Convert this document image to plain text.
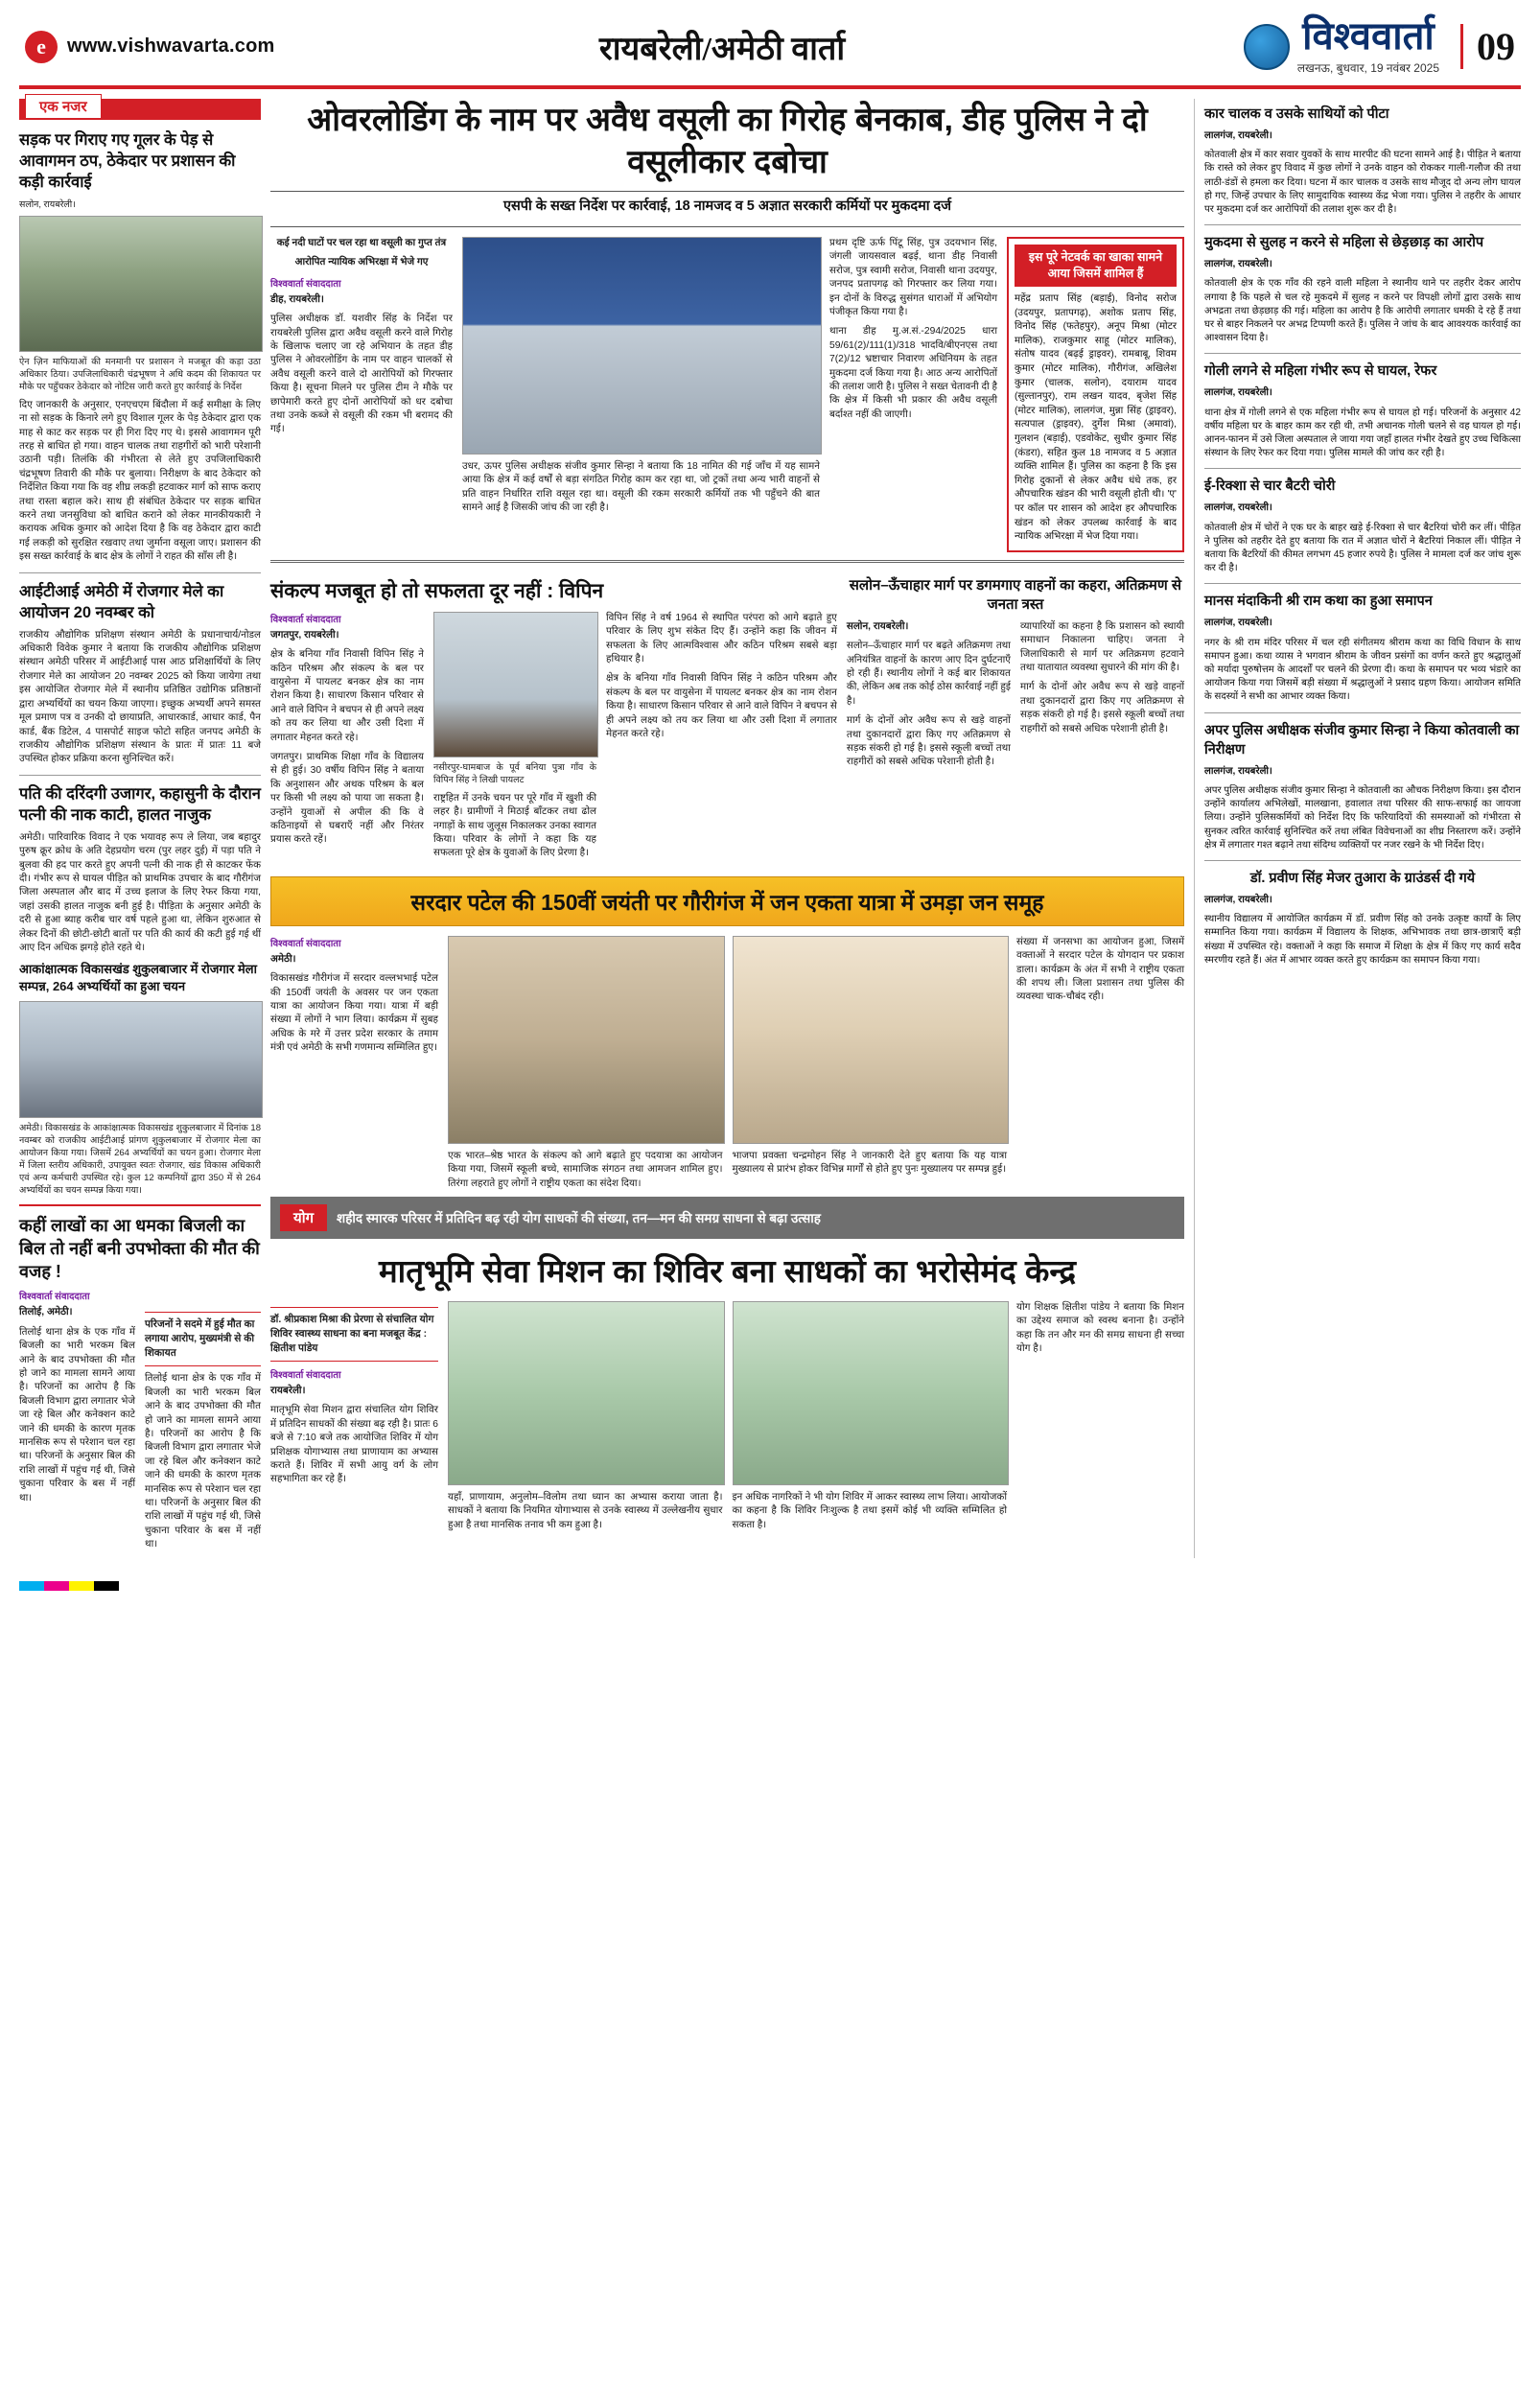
e	www.vishwavarta.com	रायबरेली/अमेठी वार्ता	विश्ववार्ता
लखनऊ, बुधवार, 19 नवंबर 2025 09
एक नजर
सड़क पर गिराए गए गूलर के पेड़ से आवागमन ठप, ठेकेदार पर प्रशासन की कड़ी कार्रवाई
सलोन, रायबरेली।
ऐन ज़िन माफियाओं की मनमानी पर प्रशासन ने मजबूत की कड़ा उठा अधिकार ठिया। उपजिलाधिकारी चंद्रभूषण ने अधि कदम की शिकायत पर मौके पर पहुँचकर ठेकेदार को नोटिस जारी करते हुए कार्रवाई के निर्देश

दिए जानकारी के अनुसार, एनएचएम बिंदौला में कई समीक्षा के लिए ना सो सड़क के किनारे लगे हुए विशाल गूलर के पेड़ ठेकेदार द्वारा एक माह से काट कर सड़क पर ही गिरा दिए गए थे। इससे आवागमन पूरी तरह से बाधित हो गया। वाहन चालक तथा राहगीरों को भारी परेशानी उठानी पड़ी। तिलंकि की गंभीरता से लेते हुए उपजिलाधिकारी चंद्रभूषण तिवारी की मौके पर बुलाया। निरीक्षण के बाद ठेकेदार को निर्देशित किया गया कि वह शीघ्र लकड़ी हटवाकर मार्ग को साफ कराए तथा रास्ता बहाल करे। साथ ही संबंधित ठेकेदार पर सड़क बाधित करने तथा जनसुविधा को बाधित कराने को लेकर मानकीयकारी ने करायक अधिक कुमार को आदेश दिया है कि वह ठेकेदार द्वारा काटी गई लकड़ी को सुरक्षित रखवाए तथा जुर्माना वसूला जाए। प्रशासन की इस सख्त कार्रवाई के बाद क्षेत्र के लोगों ने राहत की साँस ली है।

आईटीआई अमेठी में रोजगार मेले का आयोजन 20 नवम्बर को

राजकीय औद्योगिक प्रशिक्षण संस्थान अमेठी के प्रधानाचार्य/नोडल अधिकारी विवेक कुमार ने बताया कि राजकीय औद्योगिक प्रशिक्षण संस्थान अमेठी परिसर में आईटीआई पास आठ प्रशिक्षार्थियों के लिए रोजगार मेले का आयोजन 20 नवम्बर 2025 को किया जायेगा तथा इस आयोजित रोजगार मेले में स्थानीय प्रतिष्ठित उद्योगिक प्रतिष्ठानों द्वारा अभ्यर्थियों का चयन किया जाएगा। इच्छुक अभ्यर्थी अपने समस्त मूल प्रमाण पत्र व उनकी दो छायाप्रति, आधारकार्ड, आधार कार्ड, पैन कार्ड, बैंक डिटेल, 4 पासपोर्ट साइज फोटो सहित जनपद अमेठी के राजकीय औद्योगिक प्रशिक्षण संस्थान के प्रातः में प्रातः 11 बजे उपस्थित होकर प्रक्रिया करना सुनिश्चित करें।

पति की दरिंदगी उजागर, कहासुनी के दौरान पत्नी की नाक काटी, हालत नाजुक

अमेठी। पारिवारिक विवाद ने एक भयावह रूप ले लिया, जब बहादुर पुरुष क्रूर क्रोध के अति देहप्रयोग चरम (पुर लहर दुई) में पड़ा पति ने बुलवा की हद पार करते हुए अपनी पत्नी की नाक ही से काटकर फेंक दी। गंभीर रूप से घायल पीड़ित को प्राथमिक उपचार के बाद गौरीगंज जिला अस्पताल और बाद में उच्च इलाज के लिए रेफर किया गया, जहां उसकी हालत नाजुक बनी हुई है। पीड़िता के अनुसार अमेठी के दरी से हुआ ब्याह करीब चार वर्ष पहले हुआ था, लेकिन शुरुआत से लेकर दिनों की छोटी-छोटी बातों पर पति की कार्य की कटी हुई गई थीं आए दिन अधिक झगड़े होते रहते थे।

आकांक्षात्मक विकासखंड शुकुलबाजार में रोजगार मेला सम्पन्न, 264 अभ्यर्थियों का हुआ चयन
अमेठी। विकासखंड के आकांक्षात्मक विकासखंड शुकुलबाजार में दिनांक 18 नवम्बर को राजकीय आईटीआई प्रांगण शुकुलबाजार में रोजगार मेला का आयोजन किया गया। जिसमें 264 अभ्यर्थियों का चयन हुआ। रोजगार मेला में जिला स्तरीय अधिकारी, उपायुक्त स्वतः रोजगार, खंड विकास अधिकारी एवं अन्य कर्मचारी उपस्थित रहे। कुल 12 कम्पनियों द्वारा 350 में से 264 अभ्यर्थियों का चयन सम्पन्न किया गया।
कहीं लाखों का आ धमका बिजली का बिल तो नहीं बनी उपभोक्ता की मौत की वजह !
विश्ववार्ता संवाददाता

तिलोई, अमेठी।

तिलोई थाना क्षेत्र के एक गाँव में बिजली का भारी भरकम बिल आने के बाद उपभोक्ता की मौत हो जाने का मामला सामने आया है। परिजनों का आरोप है कि बिजली विभाग द्वारा लगातार भेजे जा रहे बिल और कनेक्शन काटे जाने की धमकी के कारण मृतक मानसिक रूप से परेशान चल रहा था। परिजनों के अनुसार बिल की राशि लाखों में पहुंच गई थी, जिसे चुकाना परिवार के बस में नहीं था।

परिजनों ने सदमे में हुई मौत का लगाया आरोप, मुख्यमंत्री से की शिकायत

तिलोई थाना क्षेत्र के एक गाँव में बिजली का भारी भरकम बिल आने के बाद उपभोक्ता की मौत हो जाने का मामला सामने आया है। परिजनों का आरोप है कि बिजली विभाग द्वारा लगातार भेजे जा रहे बिल और कनेक्शन काटे जाने की धमकी के कारण मृतक मानसिक रूप से परेशान चल रहा था। परिजनों के अनुसार बिल की राशि लाखों में पहुंच गई थी, जिसे चुकाना परिवार के बस में नहीं था।

ओवरलोडिंग के नाम पर अवैध वसूली का गिरोह बेनकाब, डीह पुलिस ने दो वसूलीकार दबोचा
एसपी के सख्त निर्देश पर कार्रवाई, 18 नामजद व 5 अज्ञात सरकारी कर्मियों पर मुकदमा दर्ज

कई नदी घाटों पर चल रहा था वसूली का गुप्त तंत्र

आरोपित न्यायिक अभिरक्षा में भेजे गए

विश्ववार्ता संवाददाता

डीह, रायबरेली।

पुलिस अधीक्षक डॉ. यशवीर सिंह के निर्देश पर रायबरेली पुलिस द्वारा अवैध वसूली करने वाले गिरोह के खिलाफ चलाए जा रहे अभियान के तहत डीह पुलिस ने ओवरलोडिंग के नाम पर वाहन चालकों से अवैध वसूली करने वाले दो आरोपियों को गिरफ्तार किया है। सूचना मिलने पर पुलिस टीम ने मौके पर छापेमारी करते हुए दोनों आरोपियों को धर दबोचा तथा उनके कब्जे से वसूली की रकम भी बरामद की गई।

उधर, ऊपर पुलिस अधीक्षक संजीव कुमार सिन्हा ने बताया कि 18 नामित की गई जाँच में यह सामने आया कि क्षेत्र में कई वर्षों से बड़ा संगठित गिरोह काम कर रहा था, जो ट्रकों तथा अन्य भारी वाहनों से प्रति वाहन निर्धारित राशि वसूल रहा था। वसूली की रकम सरकारी कर्मियों तक भी पहुँचने की बात सामने आई है जिसकी जांच की जा रही है।

प्रथम दृष्टि ऊर्फ पिंटू सिंह, पुत्र उदयभान सिंह, जंगली जायसवाल बढ़ई, थाना डीह निवासी सरोज, पुत्र स्वामी सरोज, निवासी थाना उदयपुर, जनपद प्रतापगढ़ को गिरफ्तार कर लिया गया। इन दोनों के विरुद्ध सुसंगत धाराओं में अभियोग पंजीकृत किया गया है।

थाना डीह मु.अ.सं.-294/2025 धारा 59/61(2)/111(1)/318 भादवि/बीएनएस तथा 7(2)/12 भ्रष्टाचार निवारण अधिनियम के तहत मुकदमा दर्ज किया गया है। आठ अन्य आरोपितों की तलाश जारी है। पुलिस ने सख्त चेतावनी दी है कि क्षेत्र में किसी भी प्रकार की अवैध वसूली बर्दाश्त नहीं की जाएगी।

इस पूरे नेटवर्क का खाका सामने आया जिसमें शामिल हैं
महेंद्र प्रताप सिंह (बड़ाई), विनोद सरोज (उदयपुर, प्रतापगढ़), अशोक प्रताप सिंह, विनोद सिंह (फतेहपुर), अनूप मिश्रा (मोटर मालिक), राजकुमार साहू (मोटर मालिक), संतोष यादव (बढ़ई ड्राइवर), रामबाबू, शिवम कुमार (मोटर मालिक), गौरीगंज, अखिलेश कुमार (चालक, सलोन), दयाराम यादव (सुल्तानपुर), राम लखन यादव, बृजेश सिंह (मोटर मालिक), लालगंज, मुन्ना सिंह (ड्राइवर), सत्यपाल (ड्राइवर), दुर्गेश मिश्रा (अमावां), गुलशन (बड़ाई), एडवोकेट, सुधीर कुमार सिंह (कंडरा), सहित कुल 18 नामजद व 5 अज्ञात व्यक्ति शामिल हैं। पुलिस का कहना है कि इस गिरोह दुकानों से लेकर अवैध धंधे तक, हर औपचारिक खंडन की भारी वसूली होती थी। 'ए' पर कॉल पर शासन को आदेश हर औपचारिक खंडन को लेकर उपलब्ध कार्रवाई के बाद न्यायिक अभिरक्षा में भेज दिया गया।
संकल्प मजबूत हो तो सफलता दूर नहीं : विपिन
विश्ववार्ता संवाददाता

जगतपुर, रायबरेली।

क्षेत्र के बनिया गाँव निवासी विपिन सिंह ने कठिन परिश्रम और संकल्प के बल पर वायुसेना में पायलट बनकर क्षेत्र का नाम रोशन किया है। साधारण किसान परिवार से आने वाले विपिन ने बचपन से ही अपने लक्ष्य को तय कर लिया था और उसी दिशा में लगातार मेहनत करते रहे।

जगतपुर। प्राथमिक शिक्षा गाँव के विद्यालय से ही हुई। 30 वर्षीय विपिन सिंह ने बताया कि अनुशासन और अथक परिश्रम के बल पर किसी भी लक्ष्य को पाया जा सकता है। उन्होंने युवाओं से अपील की कि वे कठिनाइयों से घबराएँ नहीं और निरंतर प्रयास करते रहें।

नसीरपुर-घामबाज के पूर्व बनिया पुत्रा गाँव के विपिन सिंह ने लिखी पायलट

राष्ट्रहित में उनके चयन पर पूरे गाँव में खुशी की लहर है। ग्रामीणों ने मिठाई बाँटकर तथा ढोल नगाड़ों के साथ जुलूस निकालकर उनका स्वागत किया। परिवार के लोगों ने कहा कि यह सफलता पूरे क्षेत्र के युवाओं के लिए प्रेरणा है।

विपिन सिंह ने वर्ष 1964 से स्थापित परंपरा को आगे बढ़ाते हुए परिवार के लिए शुभ संकेत दिए हैं। उन्होंने कहा कि जीवन में सफलता के लिए आत्मविश्वास और कठिन परिश्रम सबसे बड़ा हथियार है।

क्षेत्र के बनिया गाँव निवासी विपिन सिंह ने कठिन परिश्रम और संकल्प के बल पर वायुसेना में पायलट बनकर क्षेत्र का नाम रोशन किया है। साधारण किसान परिवार से आने वाले विपिन ने बचपन से ही अपने लक्ष्य को तय कर लिया था और उसी दिशा में लगातार मेहनत करते रहे।

सलोन–ऊँचाहार मार्ग पर डगमगाए वाहनों का कहरा, अतिक्रमण से जनता त्रस्त

सलोन, रायबरेली।

सलोन–ऊँचाहार मार्ग पर बढ़ते अतिक्रमण तथा अनियंत्रित वाहनों के कारण आए दिन दुर्घटनाएँ हो रही हैं। स्थानीय लोगों ने कई बार शिकायत की, लेकिन अब तक कोई ठोस कार्रवाई नहीं हुई है।

मार्ग के दोनों ओर अवैध रूप से खड़े वाहनों तथा दुकानदारों द्वारा किए गए अतिक्रमण से सड़क संकरी हो गई है। इससे स्कूली बच्चों तथा राहगीरों को सबसे अधिक परेशानी होती है।

व्यापारियों का कहना है कि प्रशासन को स्थायी समाधान निकालना चाहिए। जनता ने जिलाधिकारी से मार्ग पर अतिक्रमण हटवाने तथा यातायात व्यवस्था सुधारने की मांग की है।

मार्ग के दोनों ओर अवैध रूप से खड़े वाहनों तथा दुकानदारों द्वारा किए गए अतिक्रमण से सड़क संकरी हो गई है। इससे स्कूली बच्चों तथा राहगीरों को सबसे अधिक परेशानी होती है।

सरदार पटेल की 150वीं जयंती पर गौरीगंज में जन एकता यात्रा में उमड़ा जन समूह
विश्ववार्ता संवाददाता

अमेठी।

विकासखंड गौरीगंज में सरदार वल्लभभाई पटेल की 150वीं जयंती के अवसर पर जन एकता यात्रा का आयोजन किया गया। यात्रा में बड़ी संख्या में लोगों ने भाग लिया। कार्यक्रम में सुबह अधिक के मरे में उत्तर प्रदेश सरकार के तमाम मंत्री एवं अमेठी के सभी गणमान्य सम्मिलित हुए।

एक भारत–श्रेष्ठ भारत के संकल्प को आगे बढ़ाते हुए पदयात्रा का आयोजन किया गया, जिसमें स्कूली बच्चे, सामाजिक संगठन तथा आमजन शामिल हुए। तिरंगा लहराते हुए लोगों ने राष्ट्रीय एकता का संदेश दिया।

भाजपा प्रवक्ता चन्द्रमोहन सिंह ने जानकारी देते हुए बताया कि यह यात्रा मुख्यालय से प्रारंभ होकर विभिन्न मार्गों से होते हुए पुनः मुख्यालय पर सम्पन्न हुई।

संख्या में जनसभा का आयोजन हुआ, जिसमें वक्ताओं ने सरदार पटेल के योगदान पर प्रकाश डाला। कार्यक्रम के अंत में सभी ने राष्ट्रीय एकता की शपथ ली। जिला प्रशासन तथा पुलिस की व्यवस्था चाक-चौबंद रही।

योग	शहीद स्मारक परिसर में प्रतिदिन बढ़ रही योग साधकों की संख्या, तन—मन की समग्र साधना से बढ़ा उत्साह
मातृभूमि सेवा मिशन का शिविर बना साधकों का भरोसेमंद केन्द्र
डॉ. श्रीप्रकाश मिश्रा की प्रेरणा से संचालित योग शिविर स्वास्थ्य साधना का बना मजबूत केंद्र : क्षितीश पांडेय
विश्ववार्ता संवाददाता

रायबरेली।

मातृभूमि सेवा मिशन द्वारा संचालित योग शिविर में प्रतिदिन साधकों की संख्या बढ़ रही है। प्रातः 6 बजे से 7:10 बजे तक आयोजित शिविर में योग प्रशिक्षक योगाभ्यास तथा प्राणायाम का अभ्यास कराते हैं। शिविर में सभी आयु वर्ग के लोग सहभागिता कर रहे हैं।

यहाँ, प्राणायाम, अनुलोम–विलोम तथा ध्यान का अभ्यास कराया जाता है। साधकों ने बताया कि नियमित योगाभ्यास से उनके स्वास्थ्य में उल्लेखनीय सुधार हुआ है तथा मानसिक तनाव भी कम हुआ है।

इन अधिक नागरिकों ने भी योग शिविर में आकर स्वास्थ्य लाभ लिया। आयोजकों का कहना है कि शिविर निःशुल्क है तथा इसमें कोई भी व्यक्ति सम्मिलित हो सकता है।

योग शिक्षक क्षितीश पांडेय ने बताया कि मिशन का उद्देश्य समाज को स्वस्थ बनाना है। उन्होंने कहा कि तन और मन की समग्र साधना ही सच्चा योग है।

कार चालक व उसके साथियों को पीटा

लालगंज, रायबरेली।

कोतवाली क्षेत्र में कार सवार युवकों के साथ मारपीट की घटना सामने आई है। पीड़ित ने बताया कि रास्ते को लेकर हुए विवाद में कुछ लोगों ने उनके वाहन को रोककर गाली-गलौज की तथा लाठी-डंडों से हमला कर दिया। घटना में कार चालक व उसके साथ मौजूद दो अन्य लोग घायल हो गए, जिन्हें उपचार के लिए सामुदायिक स्वास्थ्य केंद्र भेजा गया। पुलिस ने तहरीर के आधार पर मुकदमा दर्ज कर आरोपियों की तलाश शुरू कर दी है।

मुकदमा से सुलह न करने से महिला से छेड़छाड़ का आरोप

लालगंज, रायबरेली।

कोतवाली क्षेत्र के एक गाँव की रहने वाली महिला ने स्थानीय थाने पर तहरीर देकर आरोप लगाया है कि पहले से चल रहे मुकदमे में सुलह न करने पर विपक्षी लोगों द्वारा उसके साथ अभद्रता तथा छेड़छाड़ की गई। महिला का आरोप है कि आरोपी लगातार धमकी दे रहे हैं तथा घर से बाहर निकलने पर अभद्र टिप्पणी करते हैं। पुलिस ने जांच के बाद आवश्यक कार्रवाई का आश्वासन दिया है।

गोली लगने से महिला गंभीर रूप से घायल, रेफर

लालगंज, रायबरेली।

थाना क्षेत्र में गोली लगने से एक महिला गंभीर रूप से घायल हो गई। परिजनों के अनुसार 42 वर्षीय महिला घर के बाहर काम कर रही थी, तभी अचानक गोली चलने से वह घायल हो गई। आनन-फानन में उसे जिला अस्पताल ले जाया गया जहाँ हालत गंभीर देखते हुए उच्च चिकित्सा संस्थान के लिए रेफर कर दिया गया। पुलिस मामले की जांच कर रही है।

ई-रिक्शा से चार बैटरी चोरी

लालगंज, रायबरेली।

कोतवाली क्षेत्र में चोरों ने एक घर के बाहर खड़े ई-रिक्शा से चार बैटरियां चोरी कर लीं। पीड़ित ने पुलिस को तहरीर देते हुए बताया कि रात में अज्ञात चोरों ने बैटरियां निकाल लीं। पीड़ित ने बताया कि बैटरियों की कीमत लगभग 45 हजार रुपये है। पुलिस ने मामला दर्ज कर जांच शुरू कर दी है।

मानस मंदाकिनी श्री राम कथा का हुआ समापन

लालगंज, रायबरेली।

नगर के श्री राम मंदिर परिसर में चल रही संगीतमय श्रीराम कथा का विधि विधान के साथ समापन हुआ। कथा व्यास ने भगवान श्रीराम के जीवन प्रसंगों का वर्णन करते हुए श्रद्धालुओं को मर्यादा पुरुषोत्तम के आदर्शों पर चलने की प्रेरणा दी। कथा के समापन पर भव्य भंडारे का आयोजन किया गया जिसमें बड़ी संख्या में श्रद्धालुओं ने प्रसाद ग्रहण किया। आयोजन समिति के सदस्यों ने सभी का आभार व्यक्त किया।

अपर पुलिस अधीक्षक संजीव कुमार सिन्हा ने किया कोतवाली का निरीक्षण

लालगंज, रायबरेली।

अपर पुलिस अधीक्षक संजीव कुमार सिन्हा ने कोतवाली का औचक निरीक्षण किया। इस दौरान उन्होंने कार्यालय अभिलेखों, मालखाना, हवालात तथा परिसर की साफ-सफाई का जायजा लिया। उन्होंने पुलिसकर्मियों को निर्देश दिए कि फरियादियों की समस्याओं को गंभीरता से सुनकर त्वरित कार्रवाई सुनिश्चित करें तथा लंबित विवेचनाओं का शीघ्र निस्तारण करें। उन्होंने क्षेत्र में लगातार गश्त बढ़ाने तथा संदिग्ध व्यक्तियों पर नजर रखने के भी निर्देश दिए।

डॉ. प्रवीण सिंह मेजर तुआरा के ग्राउंडर्स दी गये

लालगंज, रायबरेली।

स्थानीय विद्यालय में आयोजित कार्यक्रम में डॉ. प्रवीण सिंह को उनके उत्कृष्ट कार्यों के लिए सम्मानित किया गया। कार्यक्रम में विद्यालय के शिक्षक, अभिभावक तथा छात्र-छात्राएँ बड़ी संख्या में उपस्थित रहे। वक्ताओं ने कहा कि समाज में शिक्षा के क्षेत्र में किए गए कार्य सदैव स्मरणीय रहते हैं। अंत में आभार व्यक्त करते हुए कार्यक्रम का समापन किया गया।
